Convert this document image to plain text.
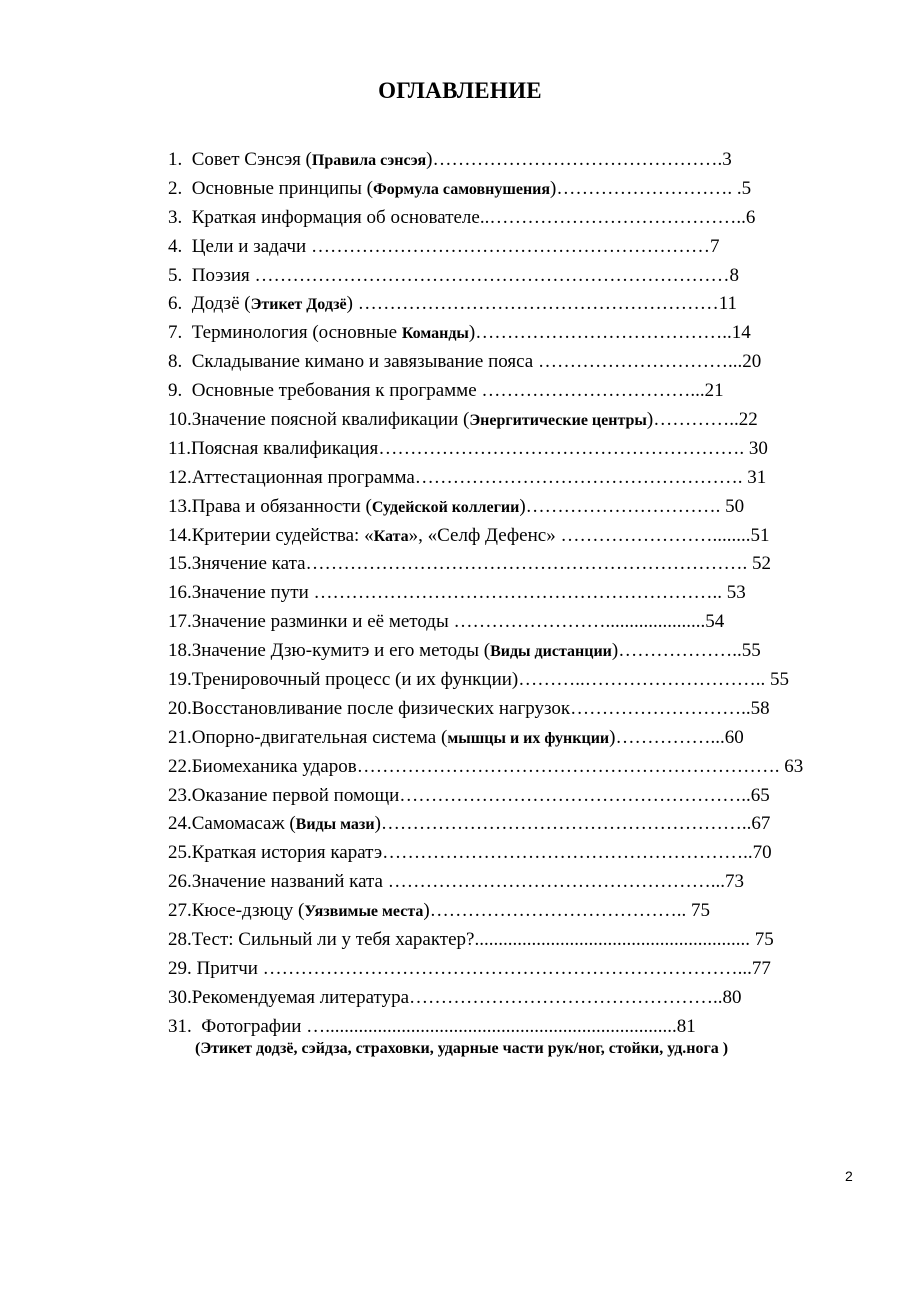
ОГЛАВЛЕНИЕ
1. Совет Сэнсэя (Правила сэнсэя)……………………………………….3
2. Основные принципы (Формула самовнушения)………………………. .5
3. Краткая информация об основателе..…………………………………..6
4. Цели и задачи ………………………………………………………7
5. Поэзия …………………………………………………………………8
6. Додзё (Этикет Додзё) …………………………………………………11
7. Терминология (основные Команды)…………………………………..14
8. Складывание кимано и завязывание пояса …………………………...20
9. Основные требования к программе ……………………………...21
10.Значение поясной квалификации (Энергитические центры)…………..22
11.Поясная квалификация…………………………………………………. 30
12.Аттестационная программа……………………………………………. 31
13.Права и обязанности (Судейской коллегии)…………………………. 50
14.Критерии судейства: «Ката», «Селф Дефенс» ……………………........51
15.Знячение ката……………………………………………………………. 52
16.Значение пути ……………………………………………………….. 53
17.Значение разминки и её методы …………………….....................54
18.Значение Дзю-кумитэ и его методы (Виды дистанции)………………..55
19.Тренировочный процесс (и их функции)………..……………………….. 55
20.Восстановливание после физических нагрузок………………………..58
21.Опорно-двигательная система (мышцы и их функции)……………...60
22.Биомеханика ударов…………………………………………………………. 63
23.Оказание первой помощи………………………………………………..65
24.Самомасаж (Виды мази)…………………………………………………..67
25.Краткая история каратэ…………………………………………………..70
26.Значение названий ката ……………………………………………...73
27.Кюсе-дзюцу (Уязвимые места)………………………………….. 75
28.Тест: Сильный ли у тебя характер?.......................................................... 75
29. Притчи …………………………………………………………………...77
30.Рекомендуемая литература…………………………………………..80
31. Фотографии …..........................................................................81
(Этикет додзё, сэйдза, страховки, ударные части рук/ног, стойки, уд.нога )
2
